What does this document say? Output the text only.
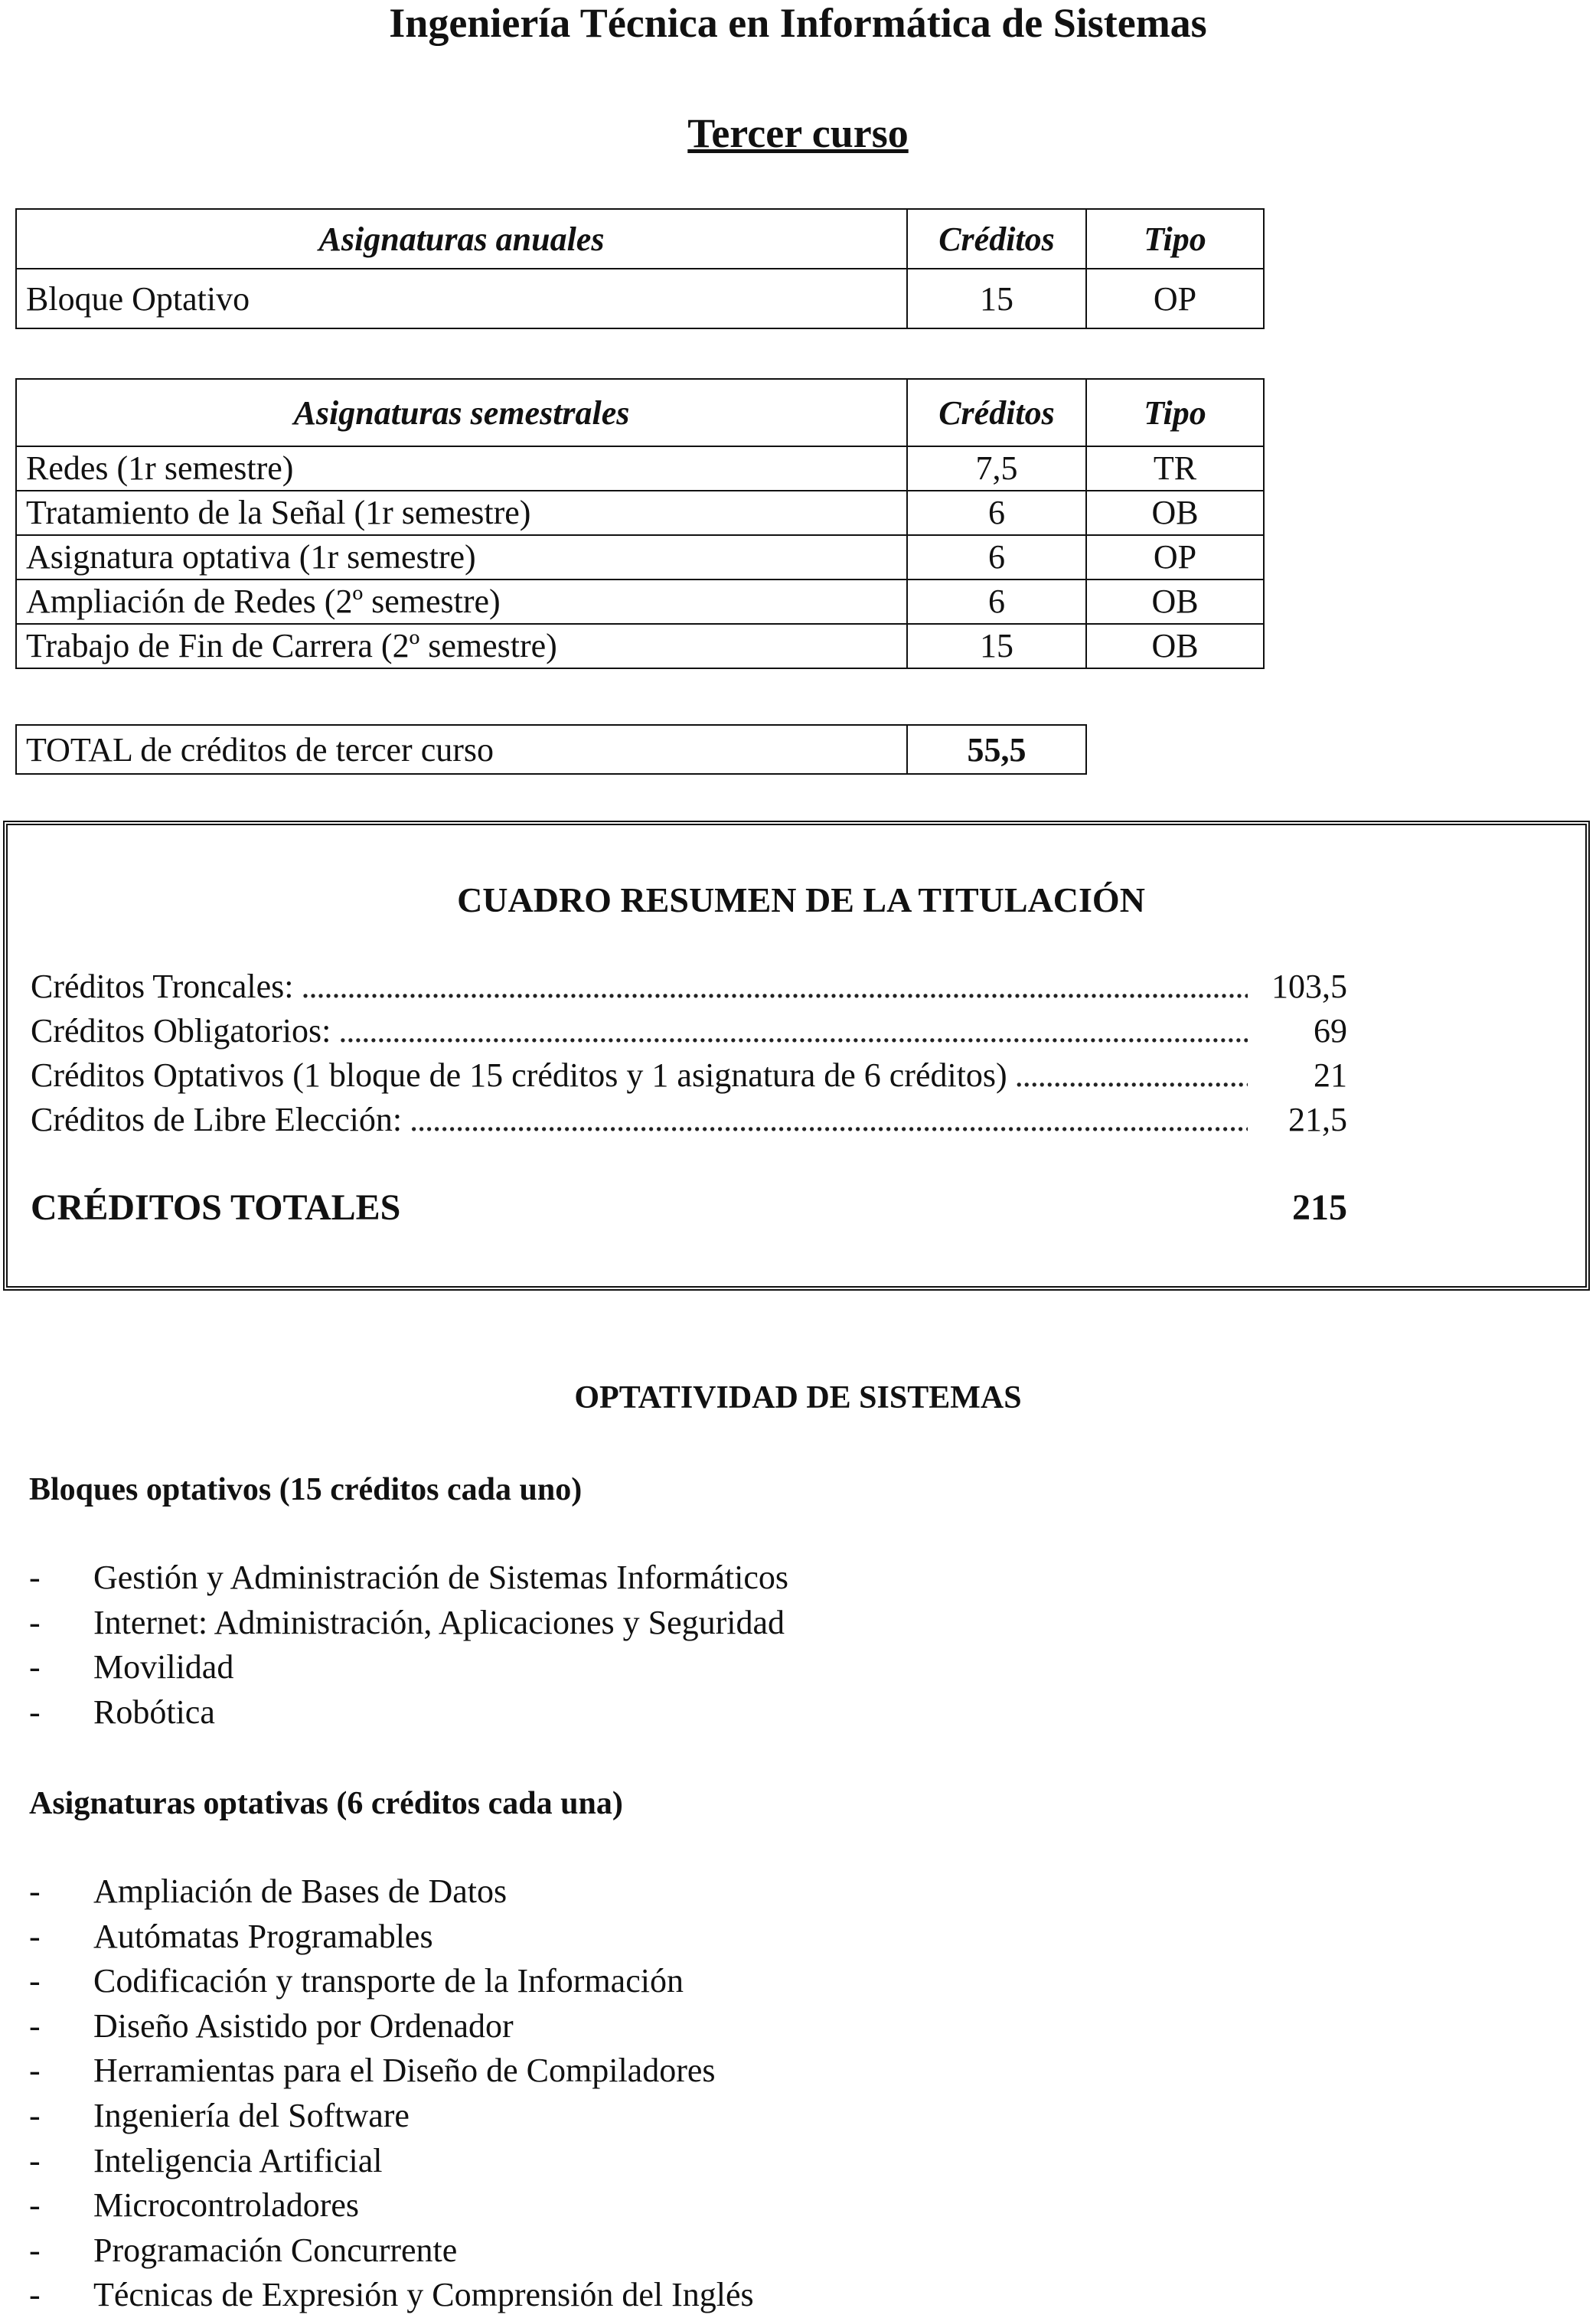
Ingeniería Técnica en Informática de Sistemas
Tercer curso
Asignaturas anuales	Créditos	Tipo
Bloque Optativo	15	OP
Asignaturas semestrales	Créditos	Tipo
Redes (1r semestre)	7,5	TR
Tratamiento de la Señal (1r semestre)	6	OB
Asignatura optativa (1r semestre)	6	OP
Ampliación de Redes (2º semestre)	6	OB
Trabajo de Fin de Carrera (2º semestre)	15	OB
TOTAL de créditos de tercer curso	55,5
CUADRO RESUMEN DE LA TITULACIÓN
Créditos Troncales: . . .	103,5
Créditos Obligatorios: . . .	69
Créditos Optativos (1 bloque de 15 créditos y 1 asignatura de 6 créditos) . . .	21
Créditos de Libre Elección: . . .	21,5
CRÉDITOS TOTALES	215
OPTATIVIDAD DE SISTEMAS
Bloques optativos (15 créditos cada uno)
-	Gestión y Administración de Sistemas Informáticos
-	Internet: Administración, Aplicaciones y Seguridad
-	Movilidad
-	Robótica
Asignaturas optativas (6 créditos cada una)
-	Ampliación de Bases de Datos
-	Autómatas Programables
-	Codificación y transporte de la Información
-	Diseño Asistido por Ordenador
-	Herramientas para el Diseño de Compiladores
-	Ingeniería del Software
-	Inteligencia Artificial
-	Microcontroladores
-	Programación Concurrente
-	Técnicas de Expresión y Comprensión del Inglés
